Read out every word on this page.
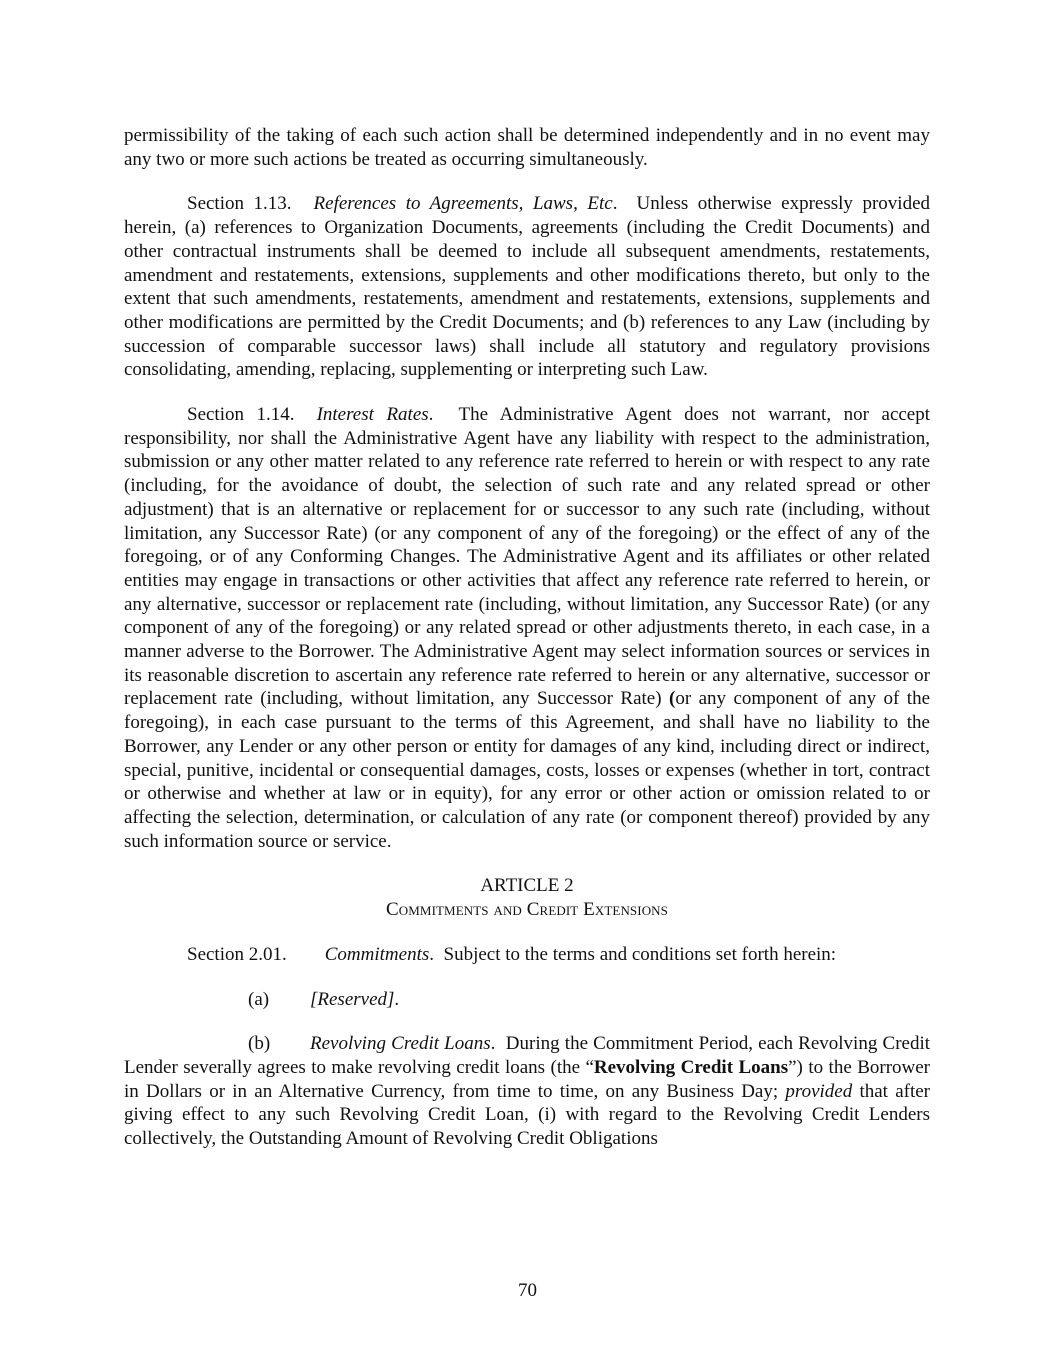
permissibility of the taking of each such action shall be determined independently and in no event may any two or more such actions be treated as occurring simultaneously.

Section 1.13. References to Agreements, Laws, Etc.  Unless otherwise expressly provided herein, (a) references to Organization Documents, agreements (including the Credit Documents) and other contractual instruments shall be deemed to include all subsequent amendments, restatements, amendment and restatements, extensions, supplements and other modifications thereto, but only to the extent that such amendments, restatements, amendment and restatements, extensions, supplements and other modifications are permitted by the Credit Documents; and (b) references to any Law (including by succession of comparable successor laws) shall include all statutory and regulatory provisions consolidating, amending, replacing, supplementing or interpreting such Law.

Section 1.14. Interest Rates.  The Administrative Agent does not warrant, nor accept responsibility, nor shall the Administrative Agent have any liability with respect to the administration, submission or any other matter related to any reference rate referred to herein or with respect to any rate (including, for the avoidance of doubt, the selection of such rate and any related spread or other adjustment) that is an alternative or replacement for or successor to any such rate (including, without limitation, any Successor Rate) (or any component of any of the foregoing) or the effect of any of the foregoing, or of any Conforming Changes. The Administrative Agent and its affiliates or other related entities may engage in transactions or other activities that affect any reference rate referred to herein, or any alternative, successor or replacement rate (including, without limitation, any Successor Rate) (or any component of any of the foregoing) or any related spread or other adjustments thereto, in each case, in a manner adverse to the Borrower. The Administrative Agent may select information sources or services in its reasonable discretion to ascertain any reference rate referred to herein or any alternative, successor or replacement rate (including, without limitation, any Successor Rate) (or any component of any of the foregoing), in each case pursuant to the terms of this Agreement, and shall have no liability to the Borrower, any Lender or any other person or entity for damages of any kind, including direct or indirect, special, punitive, incidental or consequential damages, costs, losses or expenses (whether in tort, contract or otherwise and whether at law or in equity), for any error or other action or omission related to or affecting the selection, determination, or calculation of any rate (or component thereof) provided by any such information source or service.

ARTICLE 2
Commitments and Credit Extensions

Section 2.01. Commitments.  Subject to the terms and conditions set forth herein:

(a) [Reserved].

(b) Revolving Credit Loans.  During the Commitment Period, each Revolving Credit Lender severally agrees to make revolving credit loans (the “Revolving Credit Loans”) to the Borrower in Dollars or in an Alternative Currency, from time to time, on any Business Day; provided that after giving effect to any such Revolving Credit Loan, (i) with regard to the Revolving Credit Lenders collectively, the Outstanding Amount of Revolving Credit Obligations

70
